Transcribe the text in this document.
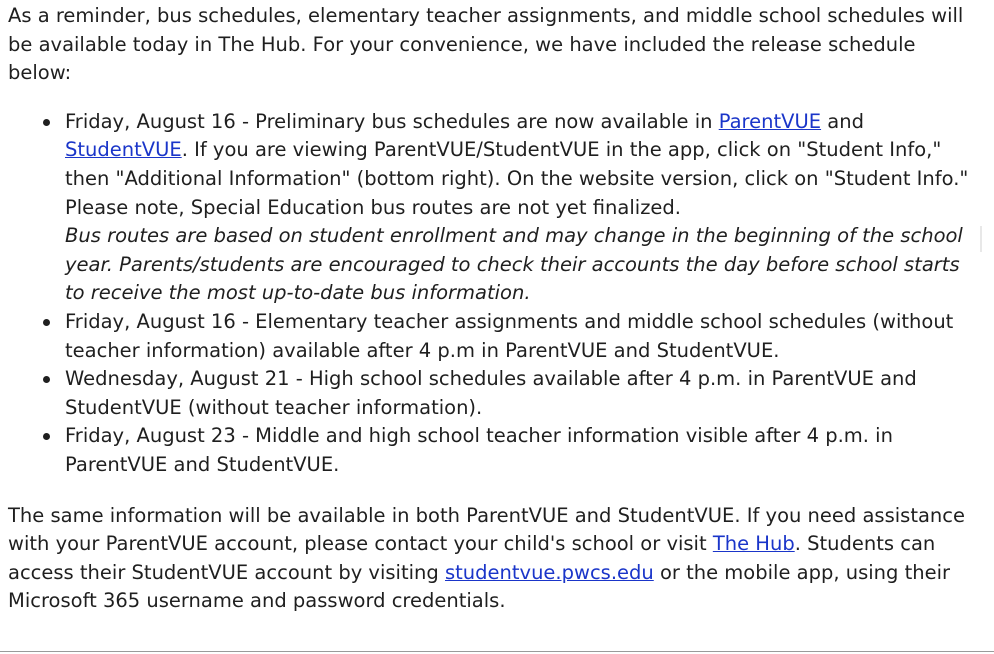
As a reminder, bus schedules, elementary teacher assignments, and middle school schedules will be available today in The Hub. For your convenience, we have included the release schedule below:

Friday, August 16 - Preliminary bus schedules are now available in ParentVUE and StudentVUE. If you are viewing ParentVUE/StudentVUE in the app, click on "Student Info," then "Additional Information" (bottom right). On the website version, click on "Student Info." Please note, Special Education bus routes are not yet finalized.
Bus routes are based on student enrollment and may change in the beginning of the school year. Parents/students are encouraged to check their accounts the day before school starts to receive the most up-to-date bus information.
Friday, August 16 - Elementary teacher assignments and middle school schedules (without teacher information) available after 4 p.m in ParentVUE and StudentVUE.
Wednesday, August 21 - High school schedules available after 4 p.m. in ParentVUE and StudentVUE (without teacher information).
Friday, August 23 - Middle and high school teacher information visible after 4 p.m. in ParentVUE and StudentVUE.

The same information will be available in both ParentVUE and StudentVUE. If you need assistance with your ParentVUE account, please contact your child's school or visit The Hub. Students can access their StudentVUE account by visiting studentvue.pwcs.edu or the mobile app, using their Microsoft 365 username and password credentials.
